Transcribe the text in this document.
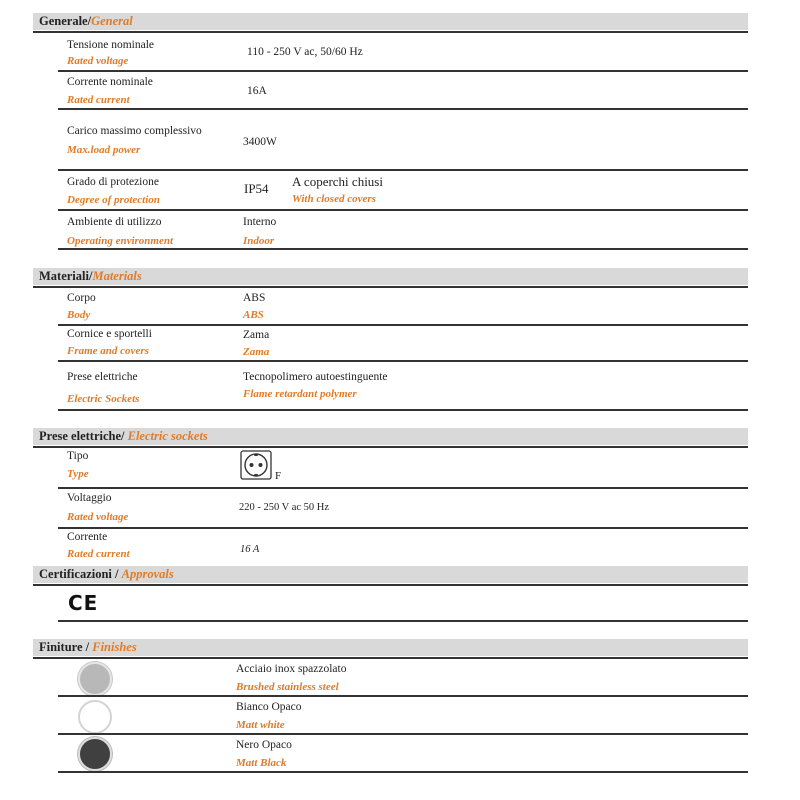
Generale/General
Tensione nominale
Rated voltage
110 - 250 V ac, 50/60 Hz
Corrente nominale
Rated current
16A
Carico massimo complessivo
Max.load power
3400W
Grado di protezione
Degree of protection
IP54 A coperchi chiusi
With closed covers
Ambiente di utilizzo
Operating environment
Interno
Indoor
Materiali/Materials
Corpo
Body
ABS
ABS
Cornice e sportelli
Frame and covers
Zama
Zama
Prese elettriche
Electric Sockets
Tecnopolimero autoestinguente
Flame retardant polymer
Prese elettriche/ Electric sockets
Tipo
Type	F
Voltaggio
Rated voltage
220 - 250 V ac 50 Hz
Corrente
Rated current	16 A
Certificazioni / Approvals
CE
Finiture / Finishes
Acciaio inox spazzolato
Brushed stainless steel
Bianco Opaco
Matt white
Nero Opaco
Matt Black
